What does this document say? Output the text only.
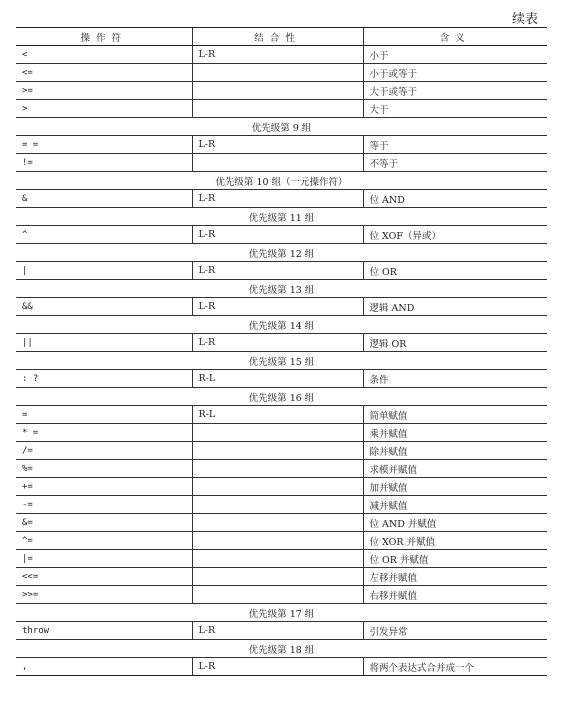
续表

操作符	结合性	含义
<	L-R	小于
<=		小于或等于
>=		大于或等于
>		大于
优先级第 9 组		
= =	L-R	等于
!=		不等于
优先级第 10 组（一元操作符）		
&	L-R	位 AND
优先级第 11 组		
^	L-R	位 XOF（异或）
优先级第 12 组		
|	L-R	位 OR
优先级第 13 组		
&&	L-R	逻辑 AND
优先级第 14 组		
||	L-R	逻辑 OR
优先级第 15 组		
: ?	R-L	条件
优先级第 16 组		
=	R-L	简单赋值
* =		乘并赋值
/=		除并赋值
%=		求模并赋值
+=		加并赋值
-=		减并赋值
&=		位 AND 并赋值
^=		位 XOR 并赋值
|=		位 OR 并赋值
<<=		左移并赋值
>>=		右移并赋值
优先级第 17 组		
throw	L-R	引发异常
优先级第 18 组		
,	L-R	将两个表达式合并成一个
